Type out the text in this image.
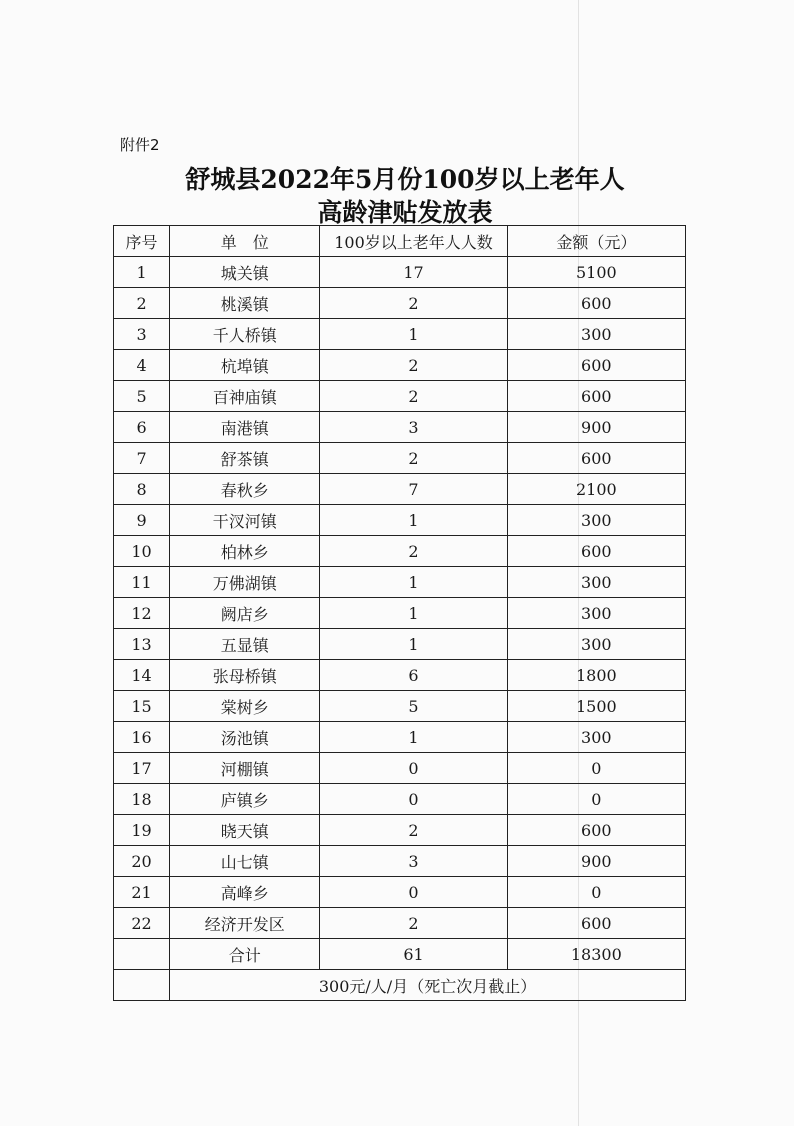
附件2
舒城县2022年5月份100岁以上老年人
高龄津贴发放表
序号	单　位	100岁以上老年人人数	金额（元）
1	城关镇	17	5100
2	桃溪镇	2	600
3	千人桥镇	1	300
4	杭埠镇	2	600
5	百神庙镇	2	600
6	南港镇	3	900
7	舒茶镇	2	600
8	春秋乡	7	2100
9	干汊河镇	1	300
10	柏林乡	2	600
11	万佛湖镇	1	300
12	阙店乡	1	300
13	五显镇	1	300
14	张母桥镇	6	1800
15	棠树乡	5	1500
16	汤池镇	1	300
17	河棚镇	0	0
18	庐镇乡	0	0
19	晓天镇	2	600
20	山七镇	3	900
21	高峰乡	0	0
22	经济开发区	2	600
	合计	61	18300
	300元/人/月（死亡次月截止）		
